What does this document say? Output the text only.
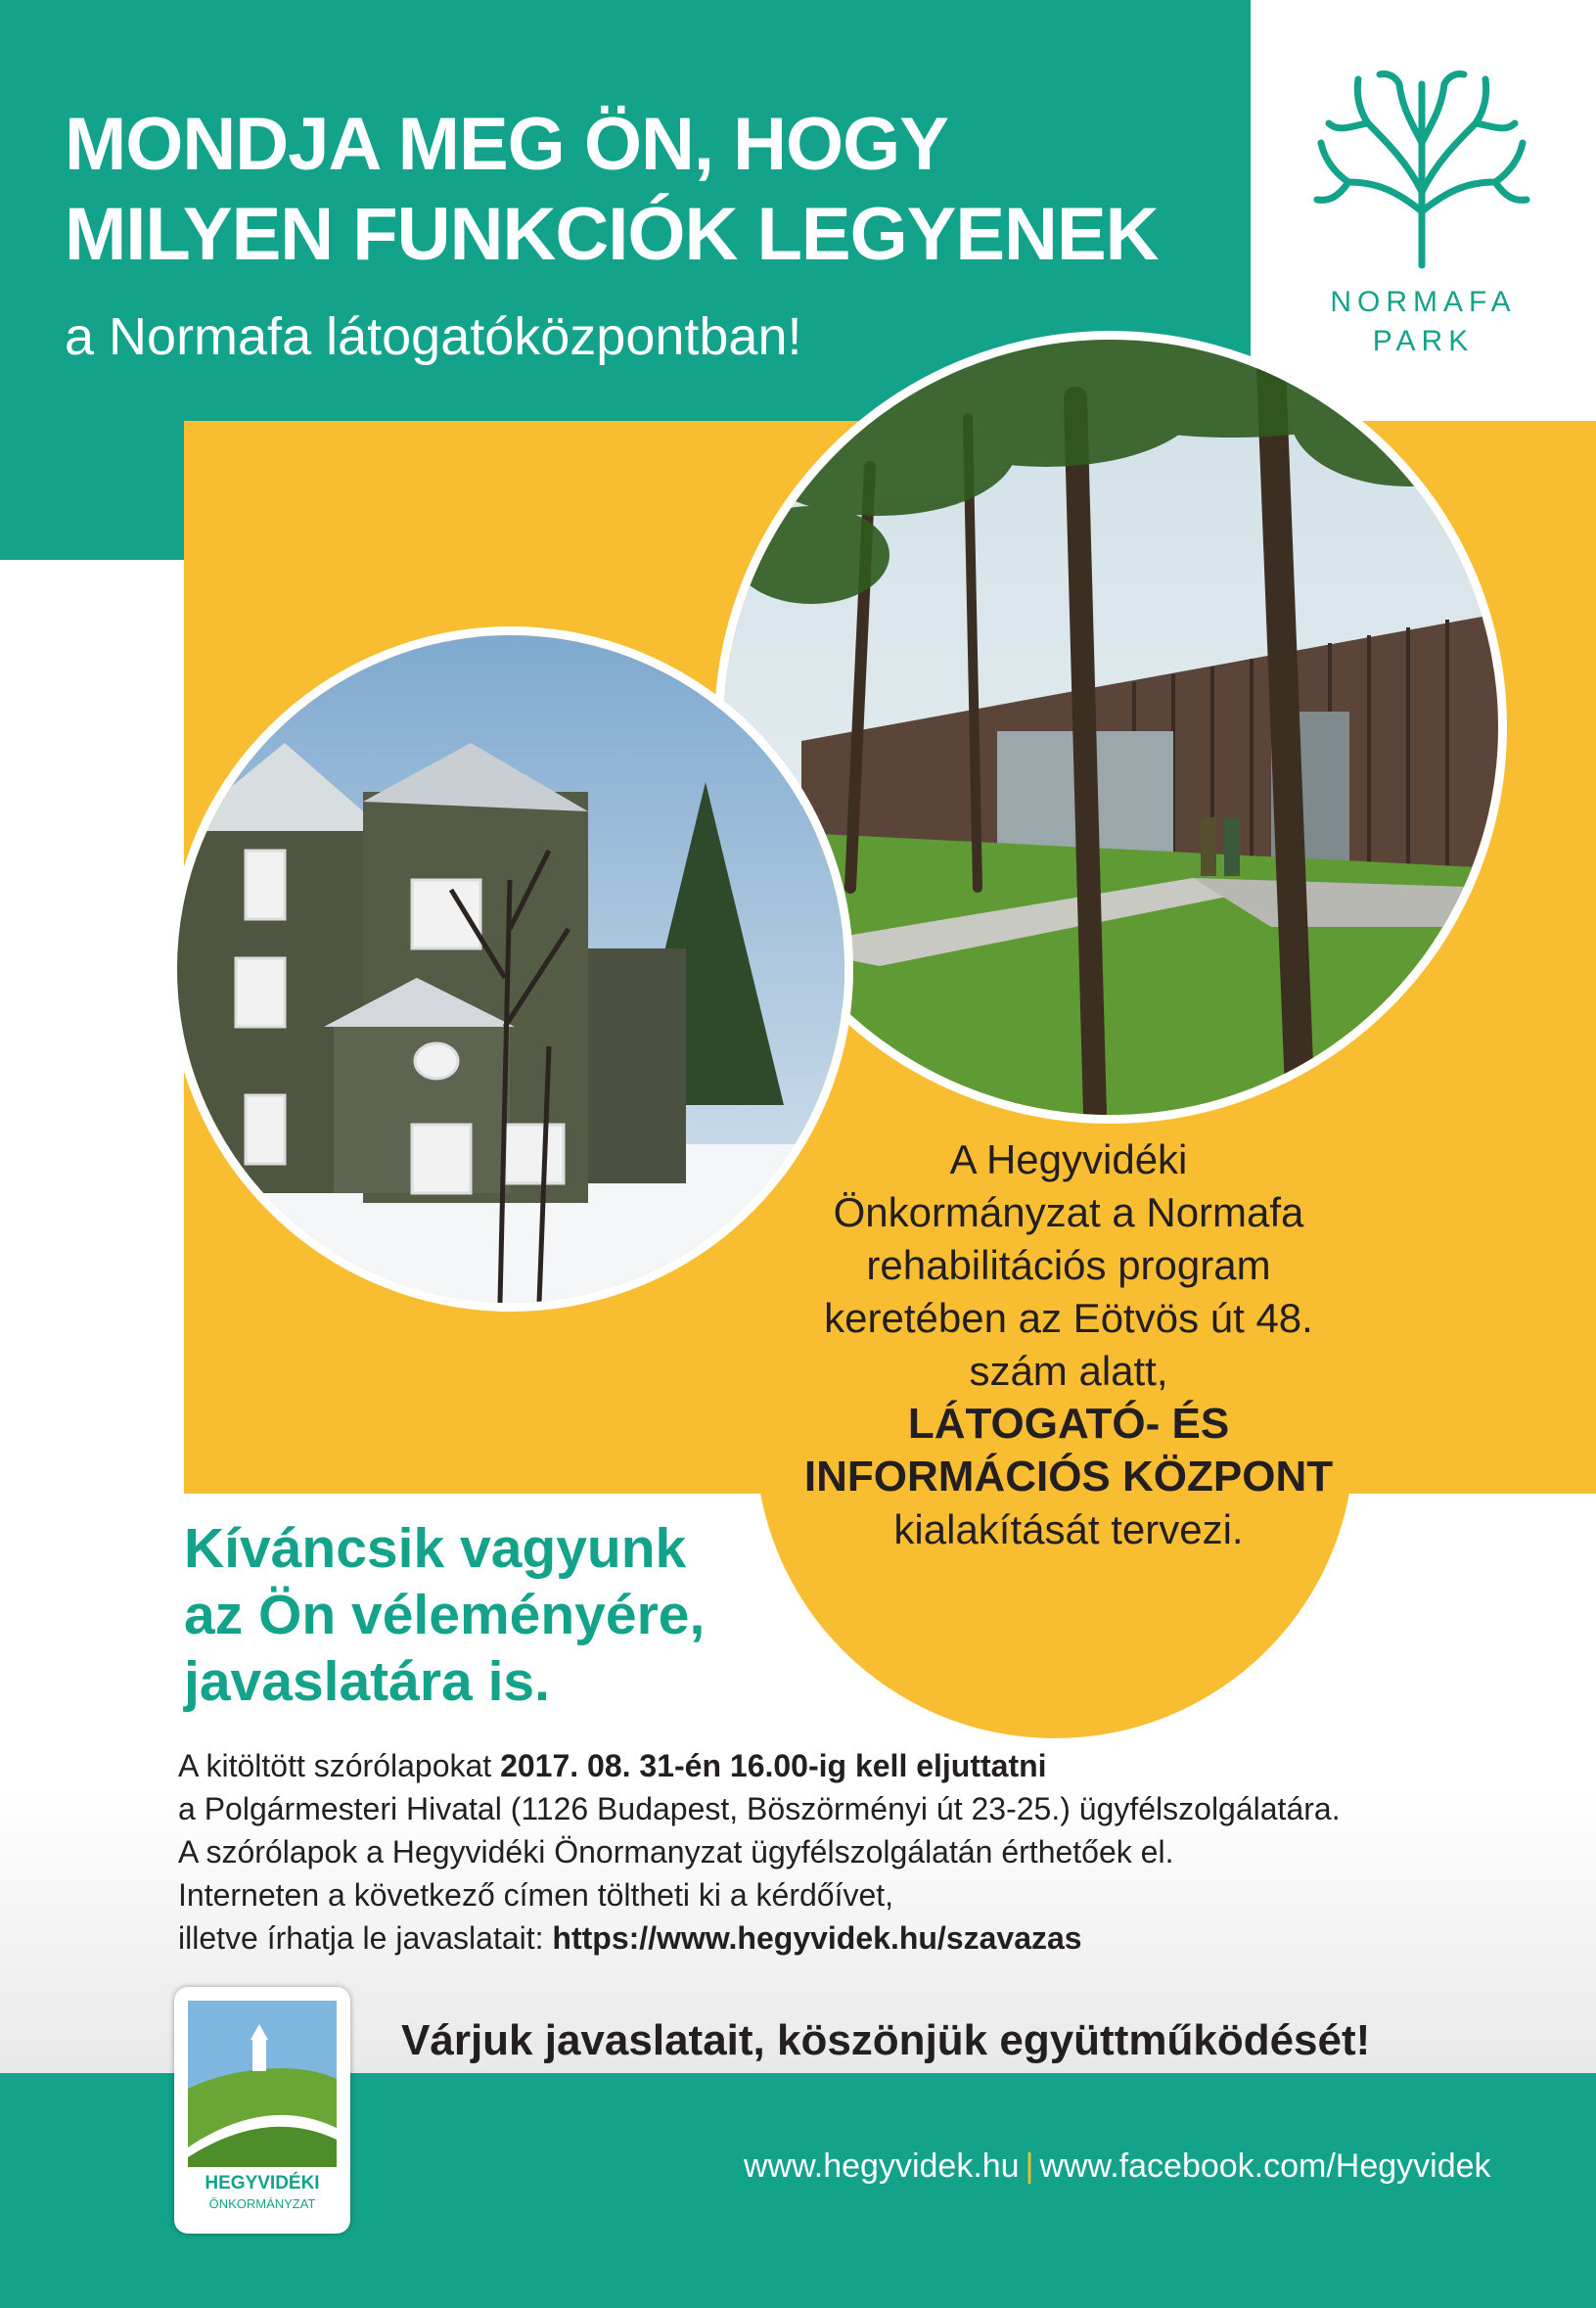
MONDJA MEG ÖN, HOGY
MILYEN FUNKCIÓK LEGYENEK
a Normafa látogatóközpontban!
NORMAFA
PARK
A Hegyvidéki
Önkormányzat a Normafa
rehabilitációs program
keretében az Eötvös út 48.
szám alatt,
LÁTOGATÓ- ÉS
INFORMÁCIÓS KÖZPONT
kialakítását tervezi.
Kíváncsik vagyunk
az Ön véleményére,
javaslatára is.
A kitöltött szórólapokat 2017. 08. 31-én 16.00-ig kell eljuttatni
a Polgármesteri Hivatal (1126 Budapest, Böszörményi út 23-25.) ügyfélszolgálatára.
A szórólapok a Hegyvidéki Önormanyzat ügyfélszolgálatán érthetőek el.
Interneten a következő címen töltheti ki a kérdőívet,
illetve írhatja le javaslatait: https://www.hegyvidek.hu/szavazas
Várjuk javaslatait, köszönjük együttműködését!
HEGYVIDÉKI
ÖNKORMÁNYZAT
www.hegyvidek.hu | www.facebook.com/Hegyvidek
